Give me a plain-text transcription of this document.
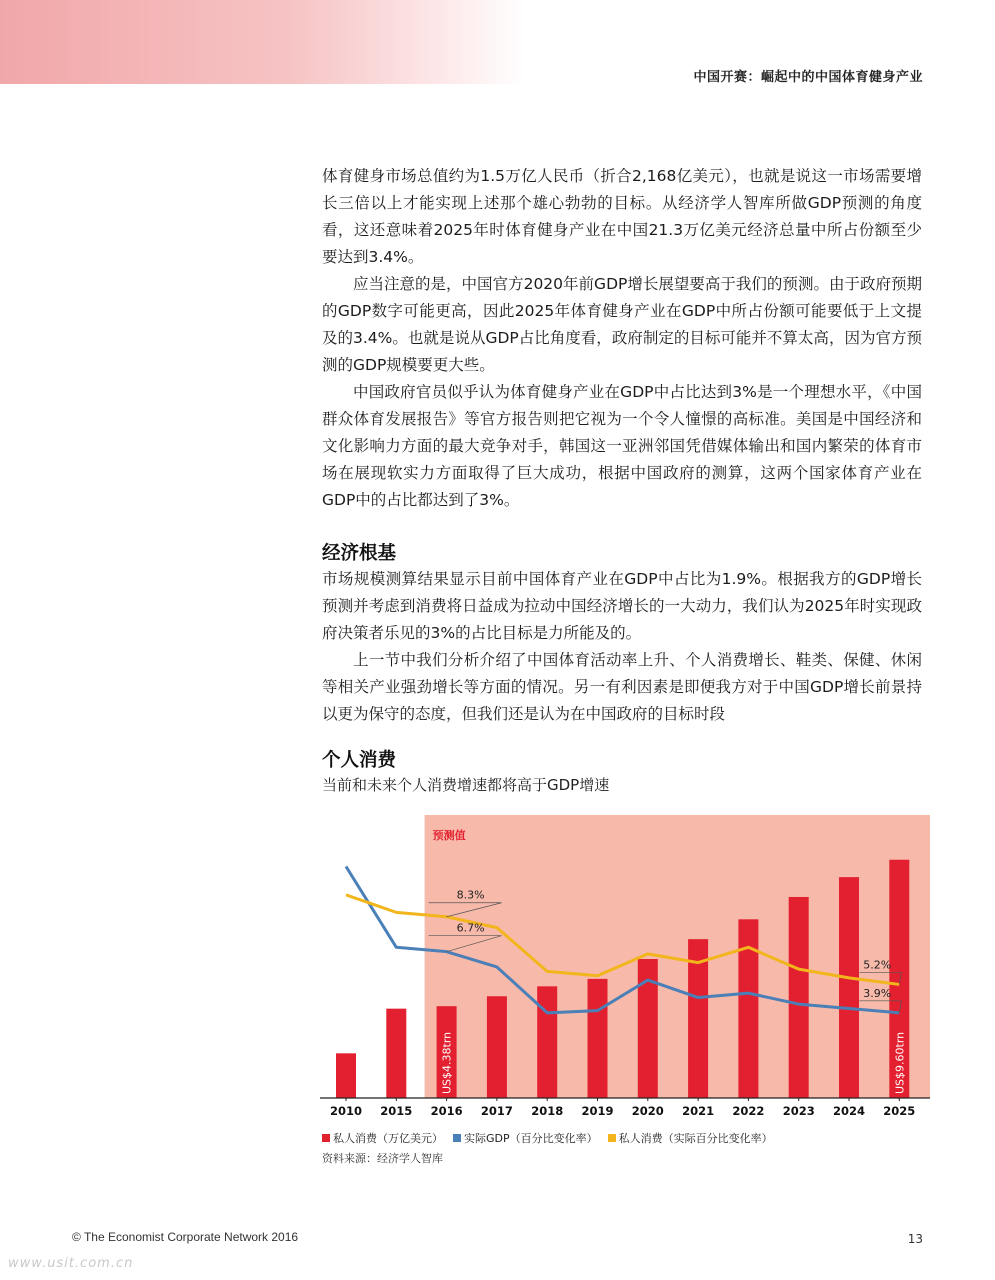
中国开赛：崛起中的中国体育健身产业

体育健身市场总值约为1.5万亿人民币（折合2,168亿美元），也就是说这一市场需要增长三倍以上才能实现上述那个雄心勃勃的目标。从经济学人智库所做GDP预测的角度看，这还意味着2025年时体育健身产业在中国21.3万亿美元经济总量中所占份额至少要达到3.4%。

应当注意的是，中国官方2020年前GDP增长展望要高于我们的预测。由于政府预期的GDP数字可能更高，因此2025年体育健身产业在GDP中所占份额可能要低于上文提及的3.4%。也就是说从GDP占比角度看，政府制定的目标可能并不算太高，因为官方预测的GDP规模要更大些。

中国政府官员似乎认为体育健身产业在GDP中占比达到3%是一个理想水平，《中国群众体育发展报告》等官方报告则把它视为一个令人憧憬的高标准。美国是中国经济和文化影响力方面的最大竞争对手，韩国这一亚洲邻国凭借媒体输出和国内繁荣的体育市场在展现软实力方面取得了巨大成功，根据中国政府的测算，这两个国家体育产业在GDP中的占比都达到了3%。

经济根基

市场规模测算结果显示目前中国体育产业在GDP中占比为1.9%。根据我方的GDP增长预测并考虑到消费将日益成为拉动中国经济增长的一大动力，我们认为2025年时实现政府决策者乐见的3%的占比目标是力所能及的。

上一节中我们分析介绍了中国体育活动率上升、个人消费增长、鞋类、保健、休闲等相关产业强劲增长等方面的情况。另一有利因素是即便我方对于中国GDP增长前景持以更为保守的态度，但我们还是认为在中国政府的目标时段

个人消费
当前和未来个人消费增速都将高于GDP增速
预测值
US$4.38trn	US$9.60trn
8.3%
6.7%
5.2%
3.9%
2010 2015 2016 2017 2018 2019 2020 2021 2022 2023 2024 2025
私人消费（万亿美元） 实际GDP（百分比变化率） 私人消费（实际百分比变化率）
资料来源：经济学人智库
© The Economist Corporate Network 2016	13
www.usit.com.cn
